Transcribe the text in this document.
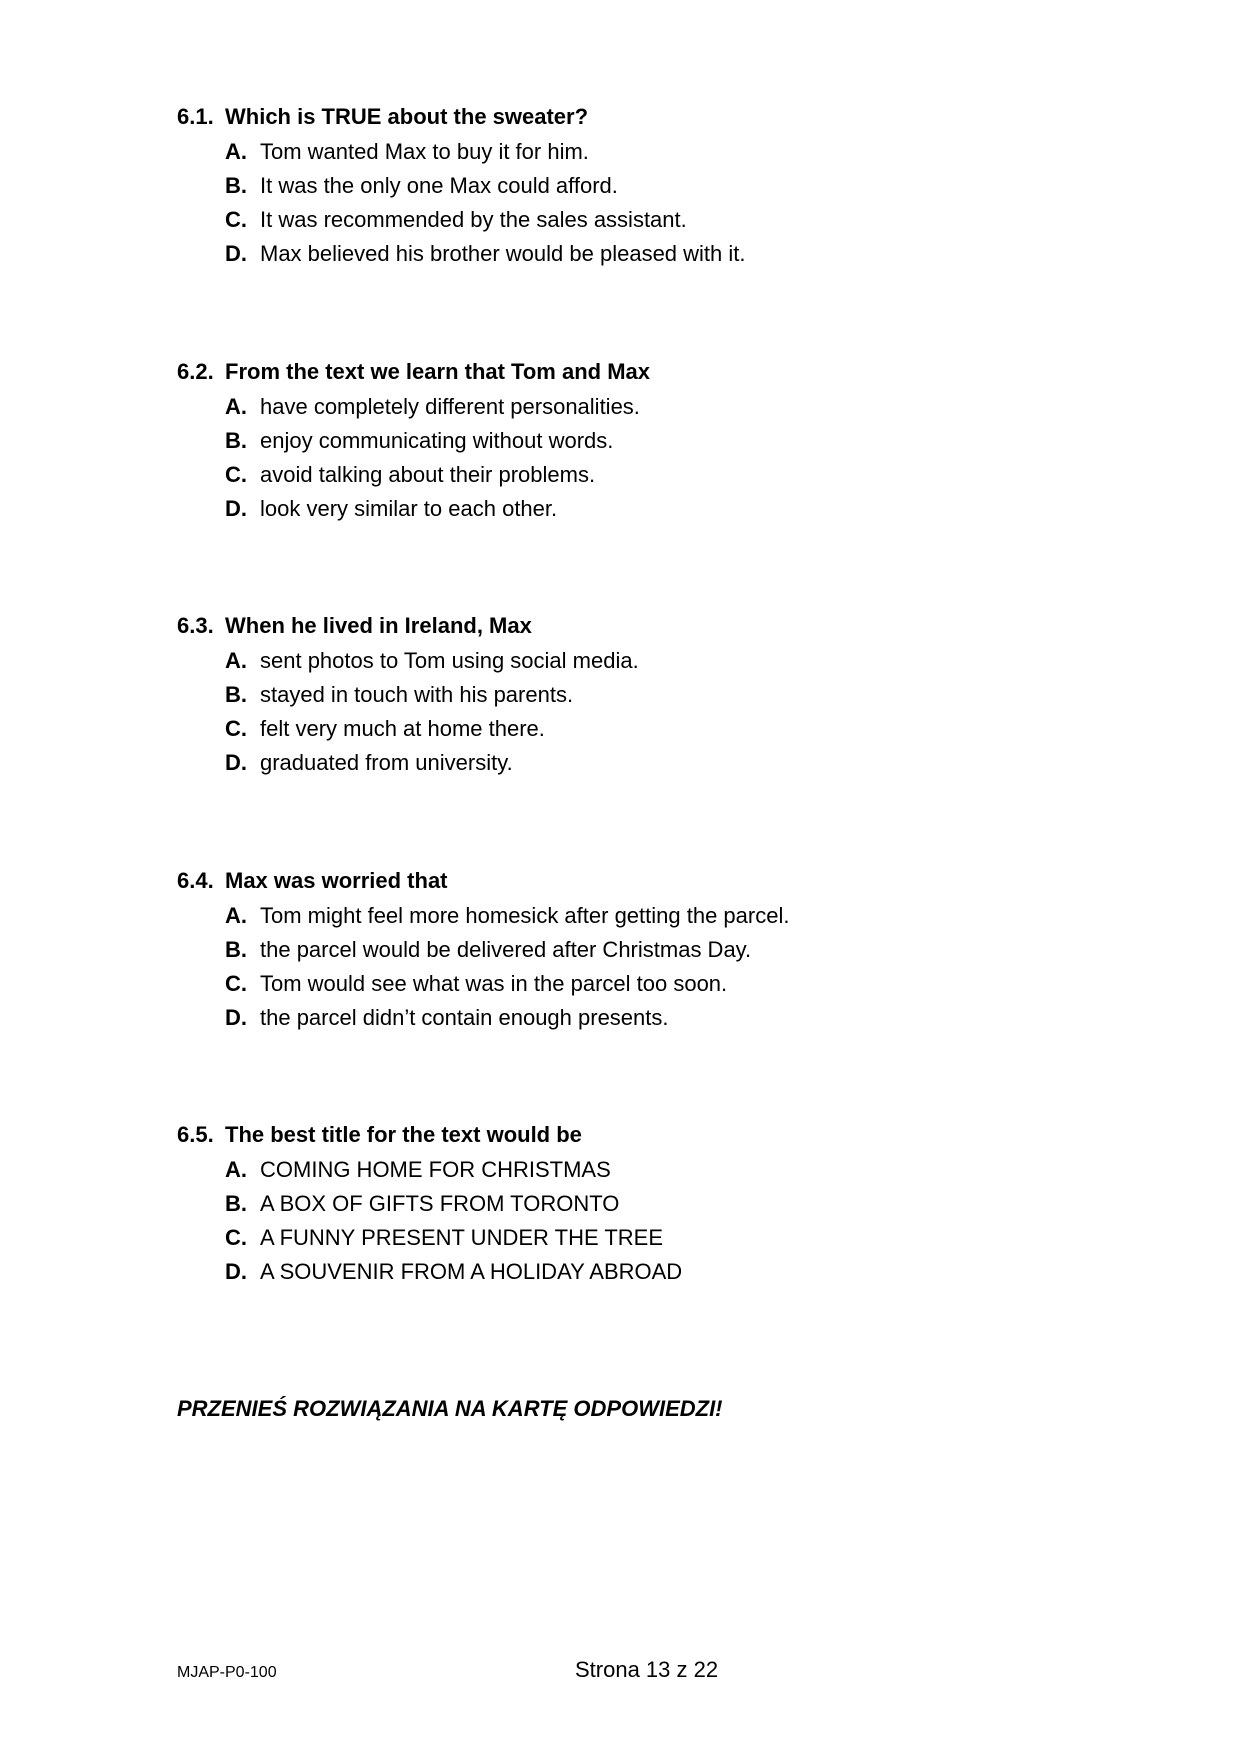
6.1. Which is TRUE about the sweater?
A. Tom wanted Max to buy it for him.
B. It was the only one Max could afford.
C. It was recommended by the sales assistant.
D. Max believed his brother would be pleased with it.
6.2. From the text we learn that Tom and Max
A. have completely different personalities.
B. enjoy communicating without words.
C. avoid talking about their problems.
D. look very similar to each other.
6.3. When he lived in Ireland, Max
A. sent photos to Tom using social media.
B. stayed in touch with his parents.
C. felt very much at home there.
D. graduated from university.
6.4. Max was worried that
A. Tom might feel more homesick after getting the parcel.
B. the parcel would be delivered after Christmas Day.
C. Tom would see what was in the parcel too soon.
D. the parcel didn’t contain enough presents.
6.5. The best title for the text would be
A. COMING HOME FOR CHRISTMAS
B. A BOX OF GIFTS FROM TORONTO
C. A FUNNY PRESENT UNDER THE TREE
D. A SOUVENIR FROM A HOLIDAY ABROAD
PRZENIEŚ ROZWIĄZANIA NA KARTĘ ODPOWIEDZI!
MJAP-P0-100	Strona 13 z 22
